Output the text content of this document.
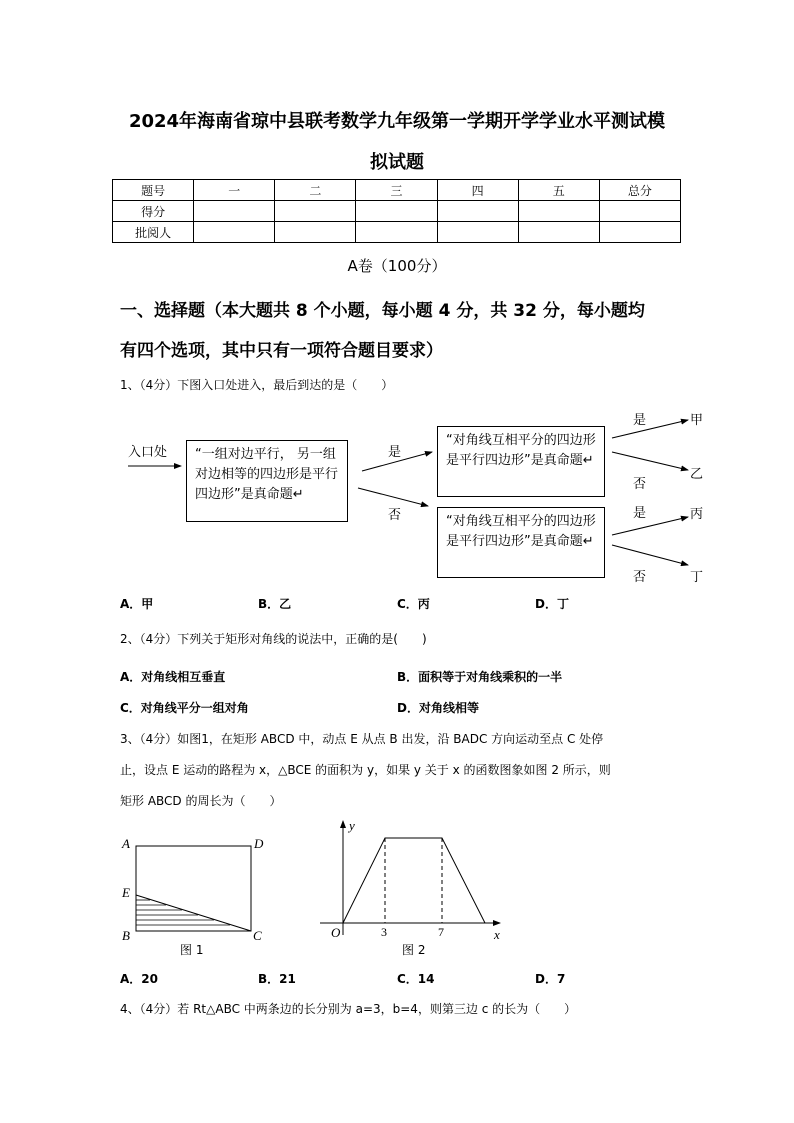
2024年海南省琼中县联考数学九年级第一学期开学学业水平测试模
拟试题
题号	一	二	三	四	五	总分
得分						
批阅人						
A卷（100分）
一、选择题（本大题共 8 个小题，每小题 4 分，共 32 分，每小题均
有四个选项，其中只有一项符合题目要求）
1、（4分）下图入口处进入，最后到达的是（　　）
入口处	“一组对边平行， 另一组对边相等的四边形是平行四边形”是真命题↵
“对角线互相平分的四边形是平行四边形”是真命题↵
“对角线互相平分的四边形是平行四边形”是真命题↵
是
否
是
否
是
否
甲
乙
丙
丁
A．甲	B．乙	C．丙	D．丁
2、（4分）下列关于矩形对角线的说法中，正确的是(　　)
A．对角线相互垂直	B．面积等于对角线乘积的一半
C．对角线平分一组对角	D．对角线相等
3、（4分）如图1，在矩形 ABCD 中，动点 E 从点 B 出发，沿 BADC 方向运动至点 C 处停
止，设点 E 运动的路程为 x，△BCE 的面积为 y，如果 y 关于 x 的函数图象如图 2 所示，则
矩形 ABCD 的周长为（　　）
A	D
E
B	C
图 1
O	x
y
3	7
图 2
A．20	B．21	C．14	D．7
4、（4分）若 Rt△ABC 中两条边的长分别为 a=3，b=4，则第三边 c 的长为（　　）
